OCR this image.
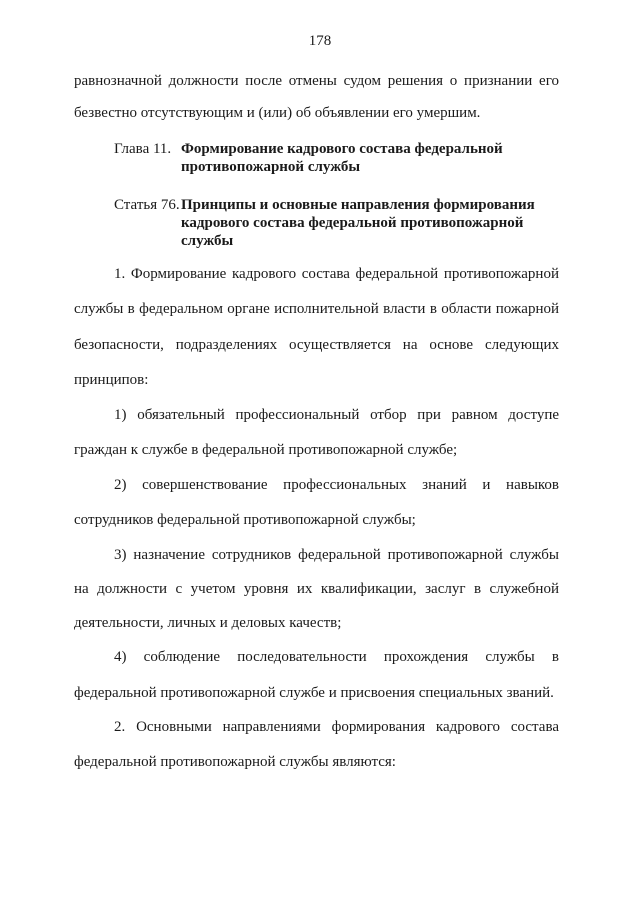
178
равнозначной должности после отмены судом решения о признании его
безвестно отсутствующим и (или) об объявлении его умершим.
Глава 11. Формирование кадрового состава федеральной
противопожарной службы
Статья 76. Принципы и основные направления формирования
кадрового состава федеральной противопожарной
службы
1. Формирование кадрового состава федеральной противопожарной
службы в федеральном органе исполнительной власти в области пожарной
безопасности, подразделениях осуществляется на основе следующих
принципов:
1) обязательный профессиональный отбор при равном доступе
граждан к службе в федеральной противопожарной службе;
2) совершенствование профессиональных знаний и навыков
сотрудников федеральной противопожарной службы;
3) назначение сотрудников федеральной противопожарной службы
на должности с учетом уровня их квалификации, заслуг в служебной
деятельности, личных и деловых качеств;
4) соблюдение последовательности прохождения службы в
федеральной противопожарной службе и присвоения специальных званий.
2. Основными направлениями формирования кадрового состава
федеральной противопожарной службы являются:
